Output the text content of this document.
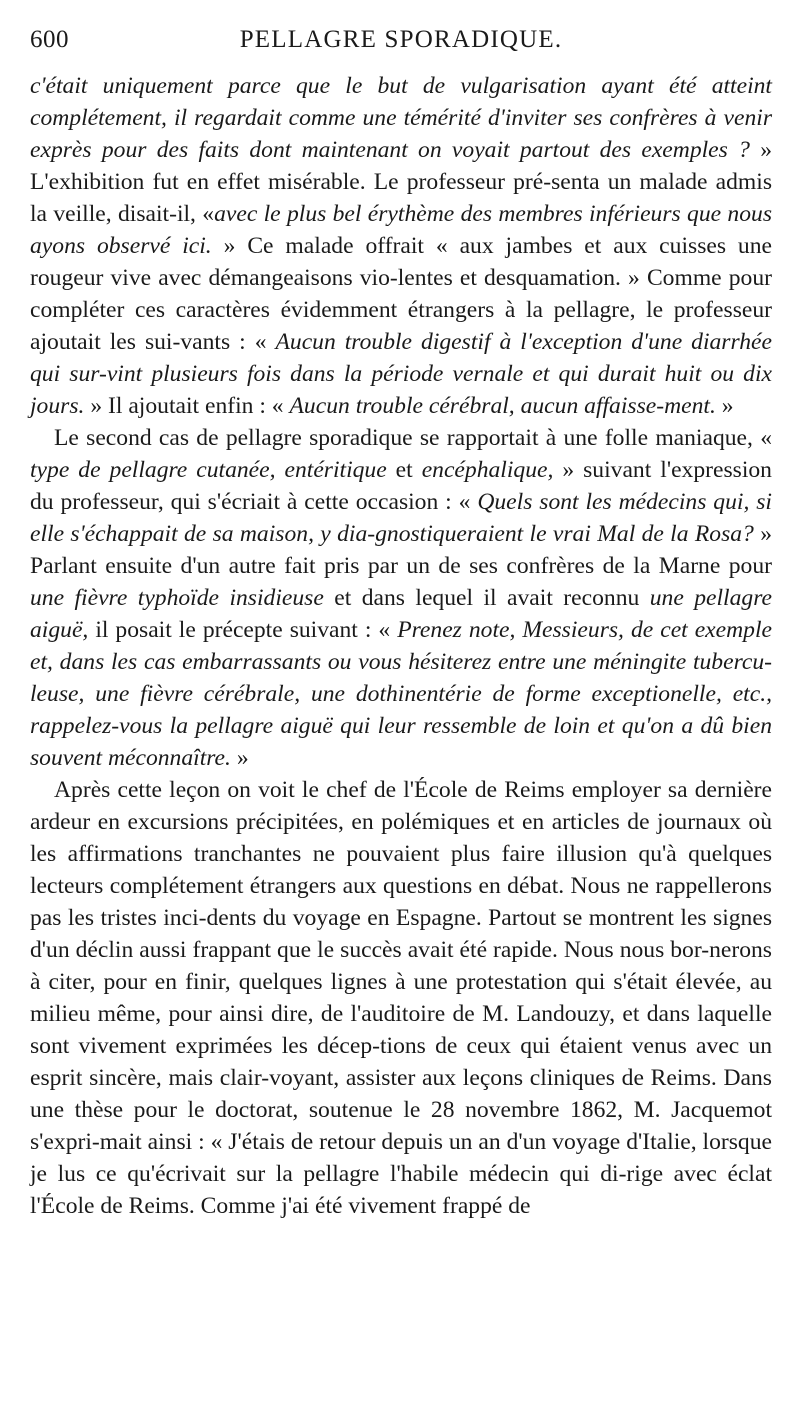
600	PELLAGRE SPORADIQUE.

c'était uniquement parce que le but de vulgarisation ayant été atteint complétement, il regardait comme une témérité d'inviter ses confrères à venir exprès pour des faits dont maintenant on voyait partout des exemples ? » L'exhibition fut en effet misérable. Le professeur pré-senta un malade admis la veille, disait-il, «avec le plus bel érythème des membres inférieurs que nous ayons observé ici. » Ce malade offrait « aux jambes et aux cuisses une rougeur vive avec démangeaisons vio-lentes et desquamation. » Comme pour compléter ces caractères évidemment étrangers à la pellagre, le professeur ajoutait les sui-vants : « Aucun trouble digestif à l'exception d'une diarrhée qui sur-vint plusieurs fois dans la période vernale et qui durait huit ou dix jours. » Il ajoutait enfin : « Aucun trouble cérébral, aucun affaisse-ment. »

Le second cas de pellagre sporadique se rapportait à une folle maniaque, « type de pellagre cutanée, entéritique et encéphalique, » suivant l'expression du professeur, qui s'écriait à cette occasion : « Quels sont les médecins qui, si elle s'échappait de sa maison, y dia-gnostiqueraient le vrai Mal de la Rosa? » Parlant ensuite d'un autre fait pris par un de ses confrères de la Marne pour une fièvre typhoïde insidieuse et dans lequel il avait reconnu une pellagre aiguë, il posait le précepte suivant : « Prenez note, Messieurs, de cet exemple et, dans les cas embarrassants ou vous hésiterez entre une méningite tubercu-leuse, une fièvre cérébrale, une dothinentérie de forme exceptionelle, etc., rappelez-vous la pellagre aiguë qui leur ressemble de loin et qu'on a dû bien souvent méconnaître. »

Après cette leçon on voit le chef de l'École de Reims employer sa dernière ardeur en excursions précipitées, en polémiques et en articles de journaux où les affirmations tranchantes ne pouvaient plus faire illusion qu'à quelques lecteurs complétement étrangers aux questions en débat. Nous ne rappellerons pas les tristes inci-dents du voyage en Espagne. Partout se montrent les signes d'un déclin aussi frappant que le succès avait été rapide. Nous nous bor-nerons à citer, pour en finir, quelques lignes à une protestation qui s'était élevée, au milieu même, pour ainsi dire, de l'auditoire de M. Landouzy, et dans laquelle sont vivement exprimées les décep-tions de ceux qui étaient venus avec un esprit sincère, mais clair-voyant, assister aux leçons cliniques de Reims. Dans une thèse pour le doctorat, soutenue le 28 novembre 1862, M. Jacquemot s'expri-mait ainsi : « J'étais de retour depuis un an d'un voyage d'Italie, lorsque je lus ce qu'écrivait sur la pellagre l'habile médecin qui di-rige avec éclat l'École de Reims. Comme j'ai été vivement frappé de
